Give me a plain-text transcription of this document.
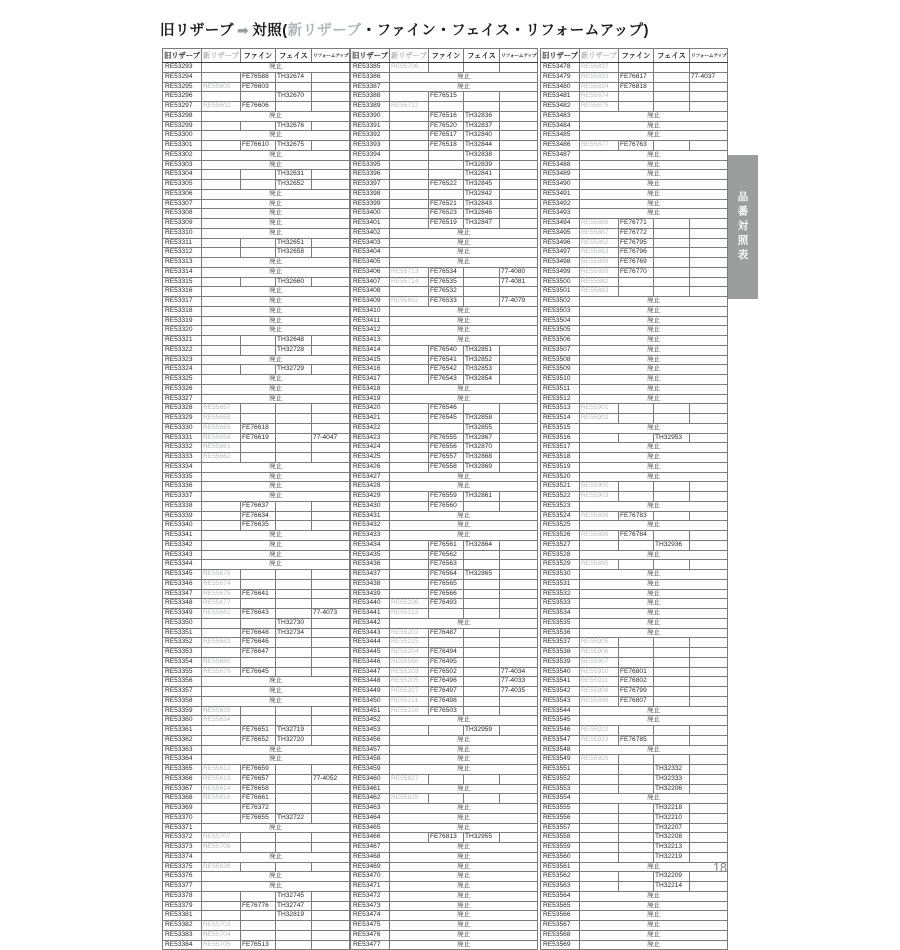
旧リザーブ ➡ 対照(新リザーブ・ファイン・フェイス・リフォームアップ)
旧リザーブ	新リザーブ	ファイン	フェイス	リフォームアップ
RE53293	廃止			
RE53294		FE76588	TH32674	
RE53295	RE55600	FE76603		
RE53296			TH32670	
RE53297	RE55602	FE76606		
RE53298	廃止			
RE53299			TH32676	
RE53300	廃止			
RE53301		FE76610	TH32675	
RE53302	廃止			
RE53303	廃止			
RE53304			TH32631	
RE53305			TH32652	
RE53306	廃止			
RE53307	廃止			
RE53308	廃止			
RE53309	廃止			
RE53310	廃止			
RE53311			TH32651	
RE53312			TH32658	
RE53313	廃止			
RE53314	廃止			
RE53315			TH32660	
RE53316	廃止			
RE53317	廃止			
RE53318	廃止			
RE53319	廃止			
RE53320	廃止			
RE53321			TH32648	
RE53322			TH32728	
RE53323	廃止			
RE53324			TH32729	
RE53325	廃止			
RE53326	廃止			
RE53327	廃止			
RE53328	RE55657			
RE53329	RE55658			
RE53330	RE55655	FE76618		
RE53331	RE55656	FE76619		77-4047
RE53332	RE55661			
RE53333	RE55662			
RE53334	廃止			
RE53335	廃止			
RE53336	廃止			
RE53337	廃止			
RE53338		FE76637		
RE53339		FE76634		
RE53340		FE76635		
RE53341	廃止			
RE53342	廃止			
RE53343	廃止			
RE53344	廃止			
RE53345	RE55678			
RE53346	RE55674			
RE53347	RE55675	FE76641		
RE53348	RE55677			
RE53349	RE55682	FE76643		77-4073
RE53350			TH32730	
RE53351		FE76648	TH32734	
RE53352	RE55683	FE76646		
RE53353		FE76647		
RE53354	RE55680			
RE53355	RE55679	FE76645		
RE53356	廃止			
RE53357	廃止			
RE53358	廃止			
RE53359	RE55635			
RE53360	RE55634			
RE53361		FE76651	TH32719	
RE53362		FE76652	TH32720	
RE53363	廃止			
RE53364	廃止			
RE53365	RE55612	FE76659		
RE53366	RE55613	FE76657		77-4052
RE53367	RE55614	FE76658		
RE53368	RE55616	FE76661		
RE53369		FE76372		
RE53370		FE76655	TH32722	
RE53371	廃止			
RE53372	RE55707			
RE53373	RE55708			
RE53374	廃止			
RE53375	RE55639			
RE53376	廃止			
RE53377	廃止			
RE53378			TH32745	
RE53379		FE76776	TH32747	
RE53381			TH32819	
RE53382	RE55703			
RE53383	RE55704			
RE53384	RE55705	FE76513		
旧リザーブ	新リザーブ	ファイン	フェイス	リフォームアップ
RE53385	RE55706			
RE53386	廃止			
RE53387	廃止			
RE53388		FE76515		
RE53389	RE55712			
RE53390		FE76516	TH32836	
RE53391		FE76520	TH32837	
RE53392		FE76517	TH32840	
RE53393		FE76518	TH32844	
RE53394			TH32838	
RE53395			TH32839	
RE53396			TH32841	
RE53397		FE76522	TH32845	
RE53398			TH32842	
RE53399		FE76521	TH32843	
RE53400		FE76523	TH32846	
RE53401		FE76519	TH32847	
RE53402	廃止			
RE53403	廃止			
RE53404	廃止			
RE53405	廃止			
RE53406	RE55713	FE76534		77-4080
RE53407	RE55714	FE76535		77-4081
RE53408		FE76532		
RE53409	RE55692	FE76533		77-4079
RE53410	廃止			
RE53411	廃止			
RE53412	廃止			
RE53413	廃止			
RE53414		FE76540	TH32851	
RE53415		FE76541	TH32852	
RE53416		FE76542	TH32853	
RE53417		FE76543	TH32854	
RE53418	廃止			
RE53419	廃止			
RE53420		FE76546		
RE53421		FE76545	TH32858	
RE53422			TH32855	
RE53423		FE76555	TH32867	
RE53424		FE76556	TH32870	
RE53425		FE76557	TH32868	
RE53426		FE76558	TH32869	
RE53427	廃止			
RE53428	廃止			
RE53429		FE76559	TH32861	
RE53430		FE76560		
RE53431	廃止			
RE53432	廃止			
RE53433	廃止			
RE53434		FE76561	TH32864	
RE53435		FE76562		
RE53436		FE76563		
RE53437		FE76564	TH32865	
RE53438		FE76565		
RE53439		FE76566		
RE53440	RE55206	FE76493		
RE53441	RE55213			
RE53442	廃止			
RE53443	RE55202	FE76487		
RE53444	RE55215			
RE53445	RE55204	FE76494		
RE53446	RE55568	FE76495		
RE53447	RE55203	FE76502		77-4034
RE53448	RE55205	FE76496		77-4033
RE53449	RE55207	FE76497		77-4035
RE53450	RE55211	FE76498		
RE53451	RE55216	FE76503		
RE53452	廃止			
RE53453			TH32959	
RE53456	廃止			
RE53457	廃止			
RE53458	廃止			
RE53459	廃止			
RE53460	RE55827			
RE53461	廃止			
RE53462	RE55828			
RE53463	廃止			
RE53464	廃止			
RE53465	廃止			
RE53466		FE76813	TH32955	
RE53467	廃止			
RE53468	廃止			
RE53469	廃止			
RE53470	廃止			
RE53471	廃止			
RE53472	廃止			
RE53473	廃止			
RE53474	廃止			
RE53475	廃止			
RE53476	廃止			
RE53477	廃止			
旧リザーブ	新リザーブ	ファイン	フェイス	リフォームアップ
RE53478	RE55837			
RE53479	RE55833	FE76817		77-4037
RE53480	RE55834	FE76818		
RE53481	RE55874			
RE53482	RE55875			
RE53483	廃止			
RE53484	廃止			
RE53485	廃止			
RE53486	RE55877	FE76763		
RE53487	廃止			
RE53488	廃止			
RE53489	廃止			
RE53490	廃止			
RE53491	廃止			
RE53492	廃止			
RE53493	廃止			
RE53494	RE55886	FE76771		
RE53495	RE55887	FE76772		
RE53496	RE55862	FE76795		
RE53497	RE55863	FE76796		
RE53498	RE55888	FE76769		
RE53499	RE55889	FE76770		
RE53500	RE55882			
RE53501	RE55883			
RE53502	廃止			
RE53503	廃止			
RE53504	廃止			
RE53505	廃止			
RE53506	廃止			
RE53507	廃止			
RE53508	廃止			
RE53509	廃止			
RE53510	廃止			
RE53511	廃止			
RE53512	廃止			
RE53513	RE55901			
RE53514	RE55902			
RE53515	廃止			
RE53516			TH32953	
RE53517	廃止			
RE53518	廃止			
RE53519	廃止			
RE53520	廃止			
RE53521	RE55900			
RE53522	RE55903			
RE53523	廃止			
RE53524	RE55898	FE76783		
RE53525	廃止			
RE53526	RE55899	FE76784		
RE53527			TH32936	
RE53528	廃止			
RE53529	RE55895			
RE53530	廃止			
RE53531	廃止			
RE53532	廃止			
RE53533	廃止			
RE53534	廃止			
RE53535	廃止			
RE53536	廃止			
RE53537	RE55905			
RE53538	RE55906			
RE53539	RE55907			
RE53540	RE55910	FE76801		
RE53541	RE55911	FE76802		
RE53542	RE55908	FE76799		
RE53543	RE55896	FE76807		
RE53544	廃止			
RE53545	廃止			
RE53546	RE55922			
RE53547	RE55923	FE76785		
RE53548	廃止			
RE53549	RE55925			
RE53551			TH32332	
RE53552			TH32333	
RE53553			TH32206	
RE53554	廃止			
RE53555			TH32218	
RE53556			TH32210	
RE53557			TH32207	
RE53558			TH32208	
RE53559			TH32213	
RE53560			TH32219	
RE53561	廃止			
RE53562			TH32209	
RE53563			TH32214	
RE53564	廃止			
RE53565	廃止			
RE53566	廃止			
RE53567	廃止			
RE53568	廃止			
RE53569	廃止			
品番対照表
18
